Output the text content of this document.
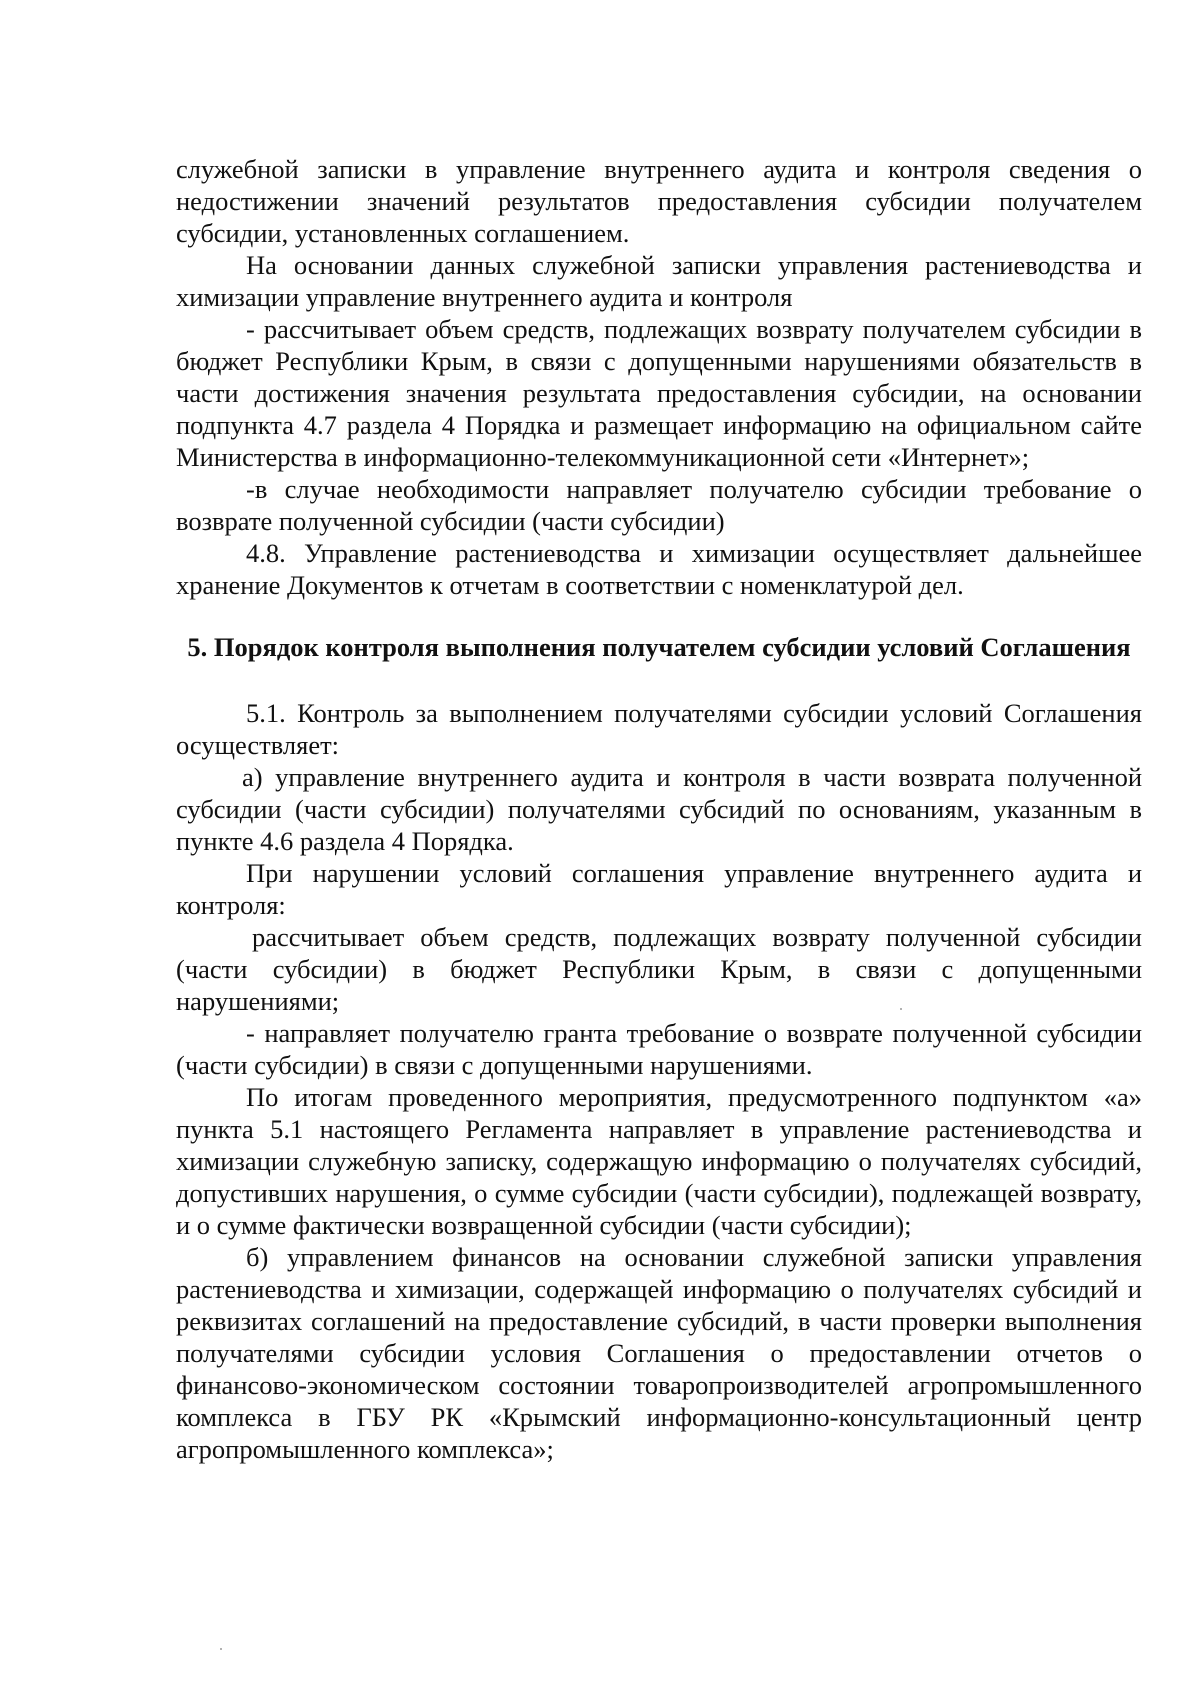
служебной записки в управление внутреннего аудита и контроля сведения о недостижении значений результатов предоставления субсидии получателем субсидии, установленных соглашением.

На основании данных служебной записки управления растениеводства и химизации управление внутреннего аудита и контроля

- рассчитывает объем средств, подлежащих возврату получателем субсидии в бюджет Республики Крым, в связи с допущенными нарушениями обязательств в части достижения значения результата предоставления субсидии, на основании подпункта 4.7 раздела 4 Порядка и размещает информацию на официальном сайте Министерства в информационно-телекоммуникационной сети «Интернет»;

-в случае необходимости направляет получателю субсидии требование о возврате полученной субсидии (части субсидии)

4.8. Управление растениеводства и химизации осуществляет дальнейшее хранение Документов к отчетам в соответствии с номенклатурой дел.

5. Порядок контроля выполнения получателем субсидии условий Соглашения

5.1. Контроль за выполнением получателями субсидии условий Соглашения осуществляет:

а) управление внутреннего аудита и контроля в части возврата полученной субсидии (части субсидии) получателями субсидий по основаниям, указанным в пункте 4.6 раздела 4 Порядка.

При нарушении условий соглашения управление внутреннего аудита и контроля:

рассчитывает объем средств, подлежащих возврату полученной субсидии (части субсидии) в бюджет Республики Крым, в связи с допущенными нарушениями;

- направляет получателю гранта требование о возврате полученной субсидии (части субсидии) в связи с допущенными нарушениями.

По итогам проведенного мероприятия, предусмотренного подпунктом «а» пункта 5.1 настоящего Регламента направляет в управление растениеводства и химизации служебную записку, содержащую информацию о получателях субсидий, допустивших нарушения, о сумме субсидии (части субсидии), подлежащей возврату, и о сумме фактически возвращенной субсидии (части субсидии);

б) управлением финансов на основании служебной записки управления растениеводства и химизации, содержащей информацию о получателях субсидий и реквизитах соглашений на предоставление субсидий, в части проверки выполнения получателями субсидии условия Соглашения о предоставлении отчетов о финансово-экономическом состоянии товаропроизводителей агропромышленного комплекса в ГБУ РК «Крымский информационно-консультационный центр агропромышленного комплекса»;
